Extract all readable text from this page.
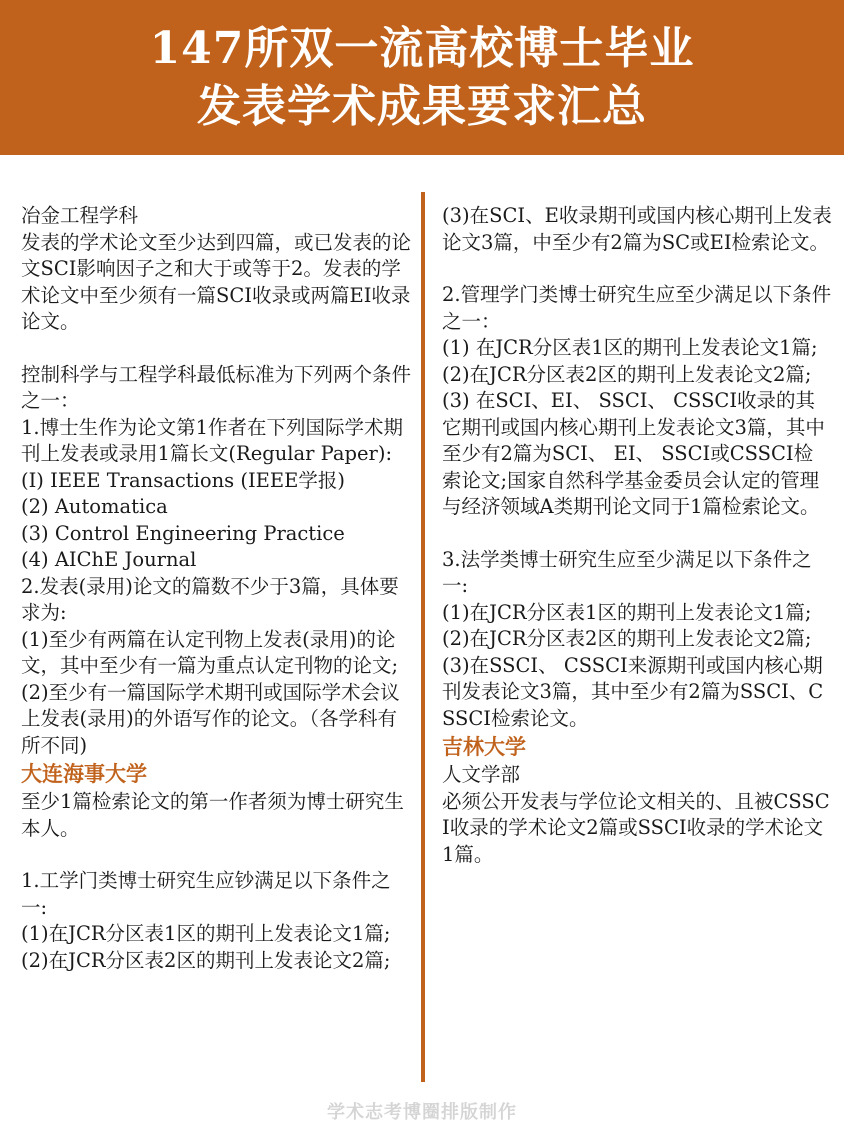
147所双一流高校博士毕业
发表学术成果要求汇总

冶金工程学科

发表的学术论文至少达到四篇，或已发表的论文SCI影响因子之和大于或等于2。发表的学术论文中至少须有一篇SCI收录或两篇EI收录论文。

控制科学与工程学科最低标准为下列两个条件之一：

1.博士生作为论文第1作者在下列国际学术期刊上发表或录用1篇长文(Regular Paper):

(I) IEEE Transactions (IEEE学报)

(2) Automatica

(3) Control Engineering Practice

(4) AIChE Journal

2.发表(录用)论文的篇数不少于3篇，具体要求为:

(1)至少有两篇在认定刊物上发表(录用)的论文，其中至少有一篇为重点认定刊物的论文;

(2)至少有一篇国际学术期刊或国际学术会议上发表(录用)的外语写作的论文。（各学科有所不同)

大连海事大学

至少1篇检索论文的第一作者须为博士研究生本人。

1.工学门类博士研究生应钞满足以下条件之一:

(1)在JCR分区表1区的期刊上发表论文1篇;

(2)在JCR分区表2区的期刊上发表论文2篇;

(3)在SCI、E收录期刊或国内核心期刊上发表论文3篇，中至少有2篇为SC或EI检索论文。

2.管理学门类博士研究生应至少满足以下条件之一：

(1) 在JCR分区表1区的期刊上发表论文1篇;

(2)在JCR分区表2区的期刊上发表论文2篇;

(3) 在SCI、EI、 SSCI、 CSSCI收录的其它期刊或国内核心期刊上发表论文3篇，其中至少有2篇为SCI、 EI、 SSCI或CSSCI检索论文;国家自然科学基金委员会认定的管理与经济领域A类期刊论文同于1篇检索论文。

3.法学类博士研究生应至少满足以下条件之一:

(1)在JCR分区表1区的期刊上发表论文1篇;

(2)在JCR分区表2区的期刊上发表论文2篇;

(3)在SSCI、 CSSCI来源期刊或国内核心期刊发表论文3篇，其中至少有2篇为SSCI、CSSCI检索论文。

吉林大学

人文学部

必须公开发表与学位论文相关的、且被CSSCI收录的学术论文2篇或SSCI收录的学术论文1篇。

学术志考博圈排版制作
